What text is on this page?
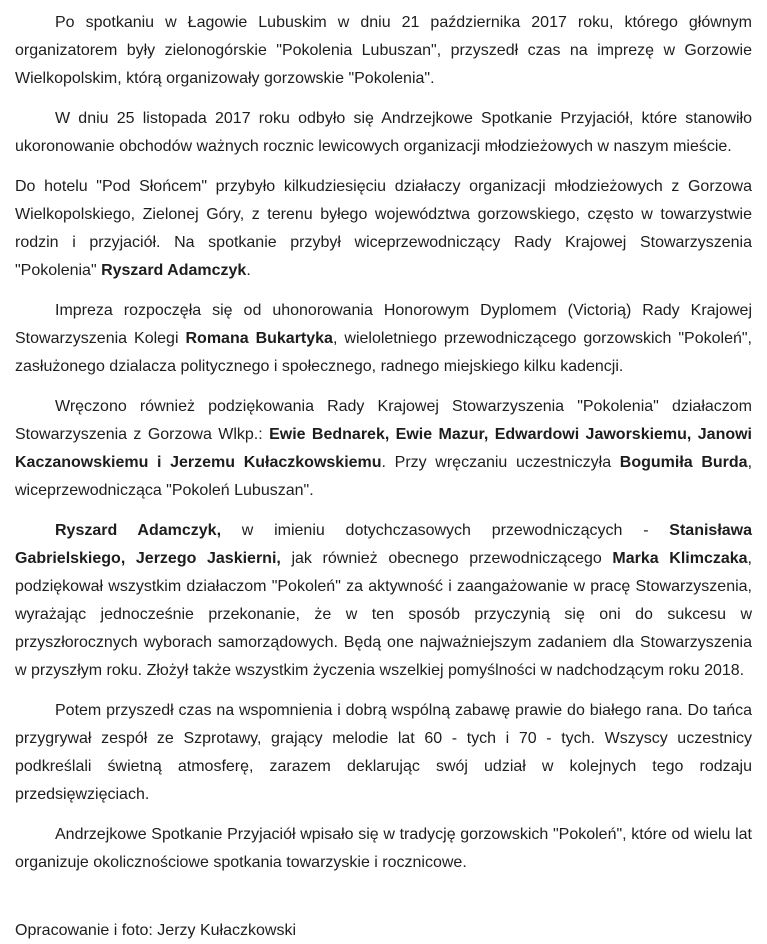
Po spotkaniu w Łagowie Lubuskim w dniu 21 października 2017 roku, którego głównym organizatorem były zielonogórskie "Pokolenia Lubuszan", przyszedł czas na imprezę w Gorzowie Wielkopolskim, którą organizowały gorzowskie "Pokolenia".

W dniu 25 listopada 2017 roku odbyło się Andrzejkowe Spotkanie Przyjaciół, które stanowiło ukoronowanie obchodów ważnych rocznic lewicowych organizacji młodzieżowych w naszym mieście.

Do hotelu "Pod Słońcem" przybyło kilkudziesięciu działaczy organizacji młodzieżowych z Gorzowa Wielkopolskiego, Zielonej Góry, z terenu byłego województwa gorzowskiego, często w towarzystwie rodzin i przyjaciół. Na spotkanie przybył wiceprzewodniczący Rady Krajowej Stowarzyszenia "Pokolenia" Ryszard Adamczyk.

Impreza rozpoczęła się od uhonorowania Honorowym Dyplomem (Victorią) Rady Krajowej Stowarzyszenia Kolegi Romana Bukartyka, wieloletniego przewodniczącego gorzowskich "Pokoleń", zasłużonego dzialacza politycznego i społecznego, radnego miejskiego kilku kadencji.

Wręczono również podziękowania Rady Krajowej Stowarzyszenia "Pokolenia" działaczom Stowarzyszenia z Gorzowa Wlkp.: Ewie Bednarek, Ewie Mazur, Edwardowi Jaworskiemu, Janowi Kaczanowskiemu i Jerzemu Kułaczkowskiemu. Przy wręczaniu uczestniczyła Bogumiła Burda, wiceprzewodnicząca "Pokoleń Lubuszan".

Ryszard Adamczyk, w imieniu dotychczasowych przewodniczących - Stanisława Gabrielskiego, Jerzego Jaskierni, jak również obecnego przewodniczącego Marka Klimczaka, podziękował wszystkim działaczom "Pokoleń" za aktywność i zaangażowanie w pracę Stowarzyszenia, wyrażając jednocześnie przekonanie, że w ten sposób przyczynią się oni do sukcesu w przyszłorocznych wyborach samorządowych. Będą one najważniejszym zadaniem dla Stowarzyszenia w przyszłym roku. Złożył także wszystkim życzenia wszelkiej pomyślności w nadchodzącym roku 2018.

Potem przyszedł czas na wspomnienia i dobrą wspólną zabawę prawie do białego rana. Do tańca przygrywał zespół ze Szprotawy, grający melodie lat 60 - tych i 70 - tych. Wszyscy uczestnicy podkreślali świetną atmosferę, zarazem deklarując swój udział w kolejnych tego rodzaju przedsięwzięciach.

Andrzejkowe Spotkanie Przyjaciół wpisało się w tradycję gorzowskich "Pokoleń", które od wielu lat organizuje okolicznościowe spotkania towarzyskie i rocznicowe.

Opracowanie i foto: Jerzy Kułaczkowski
